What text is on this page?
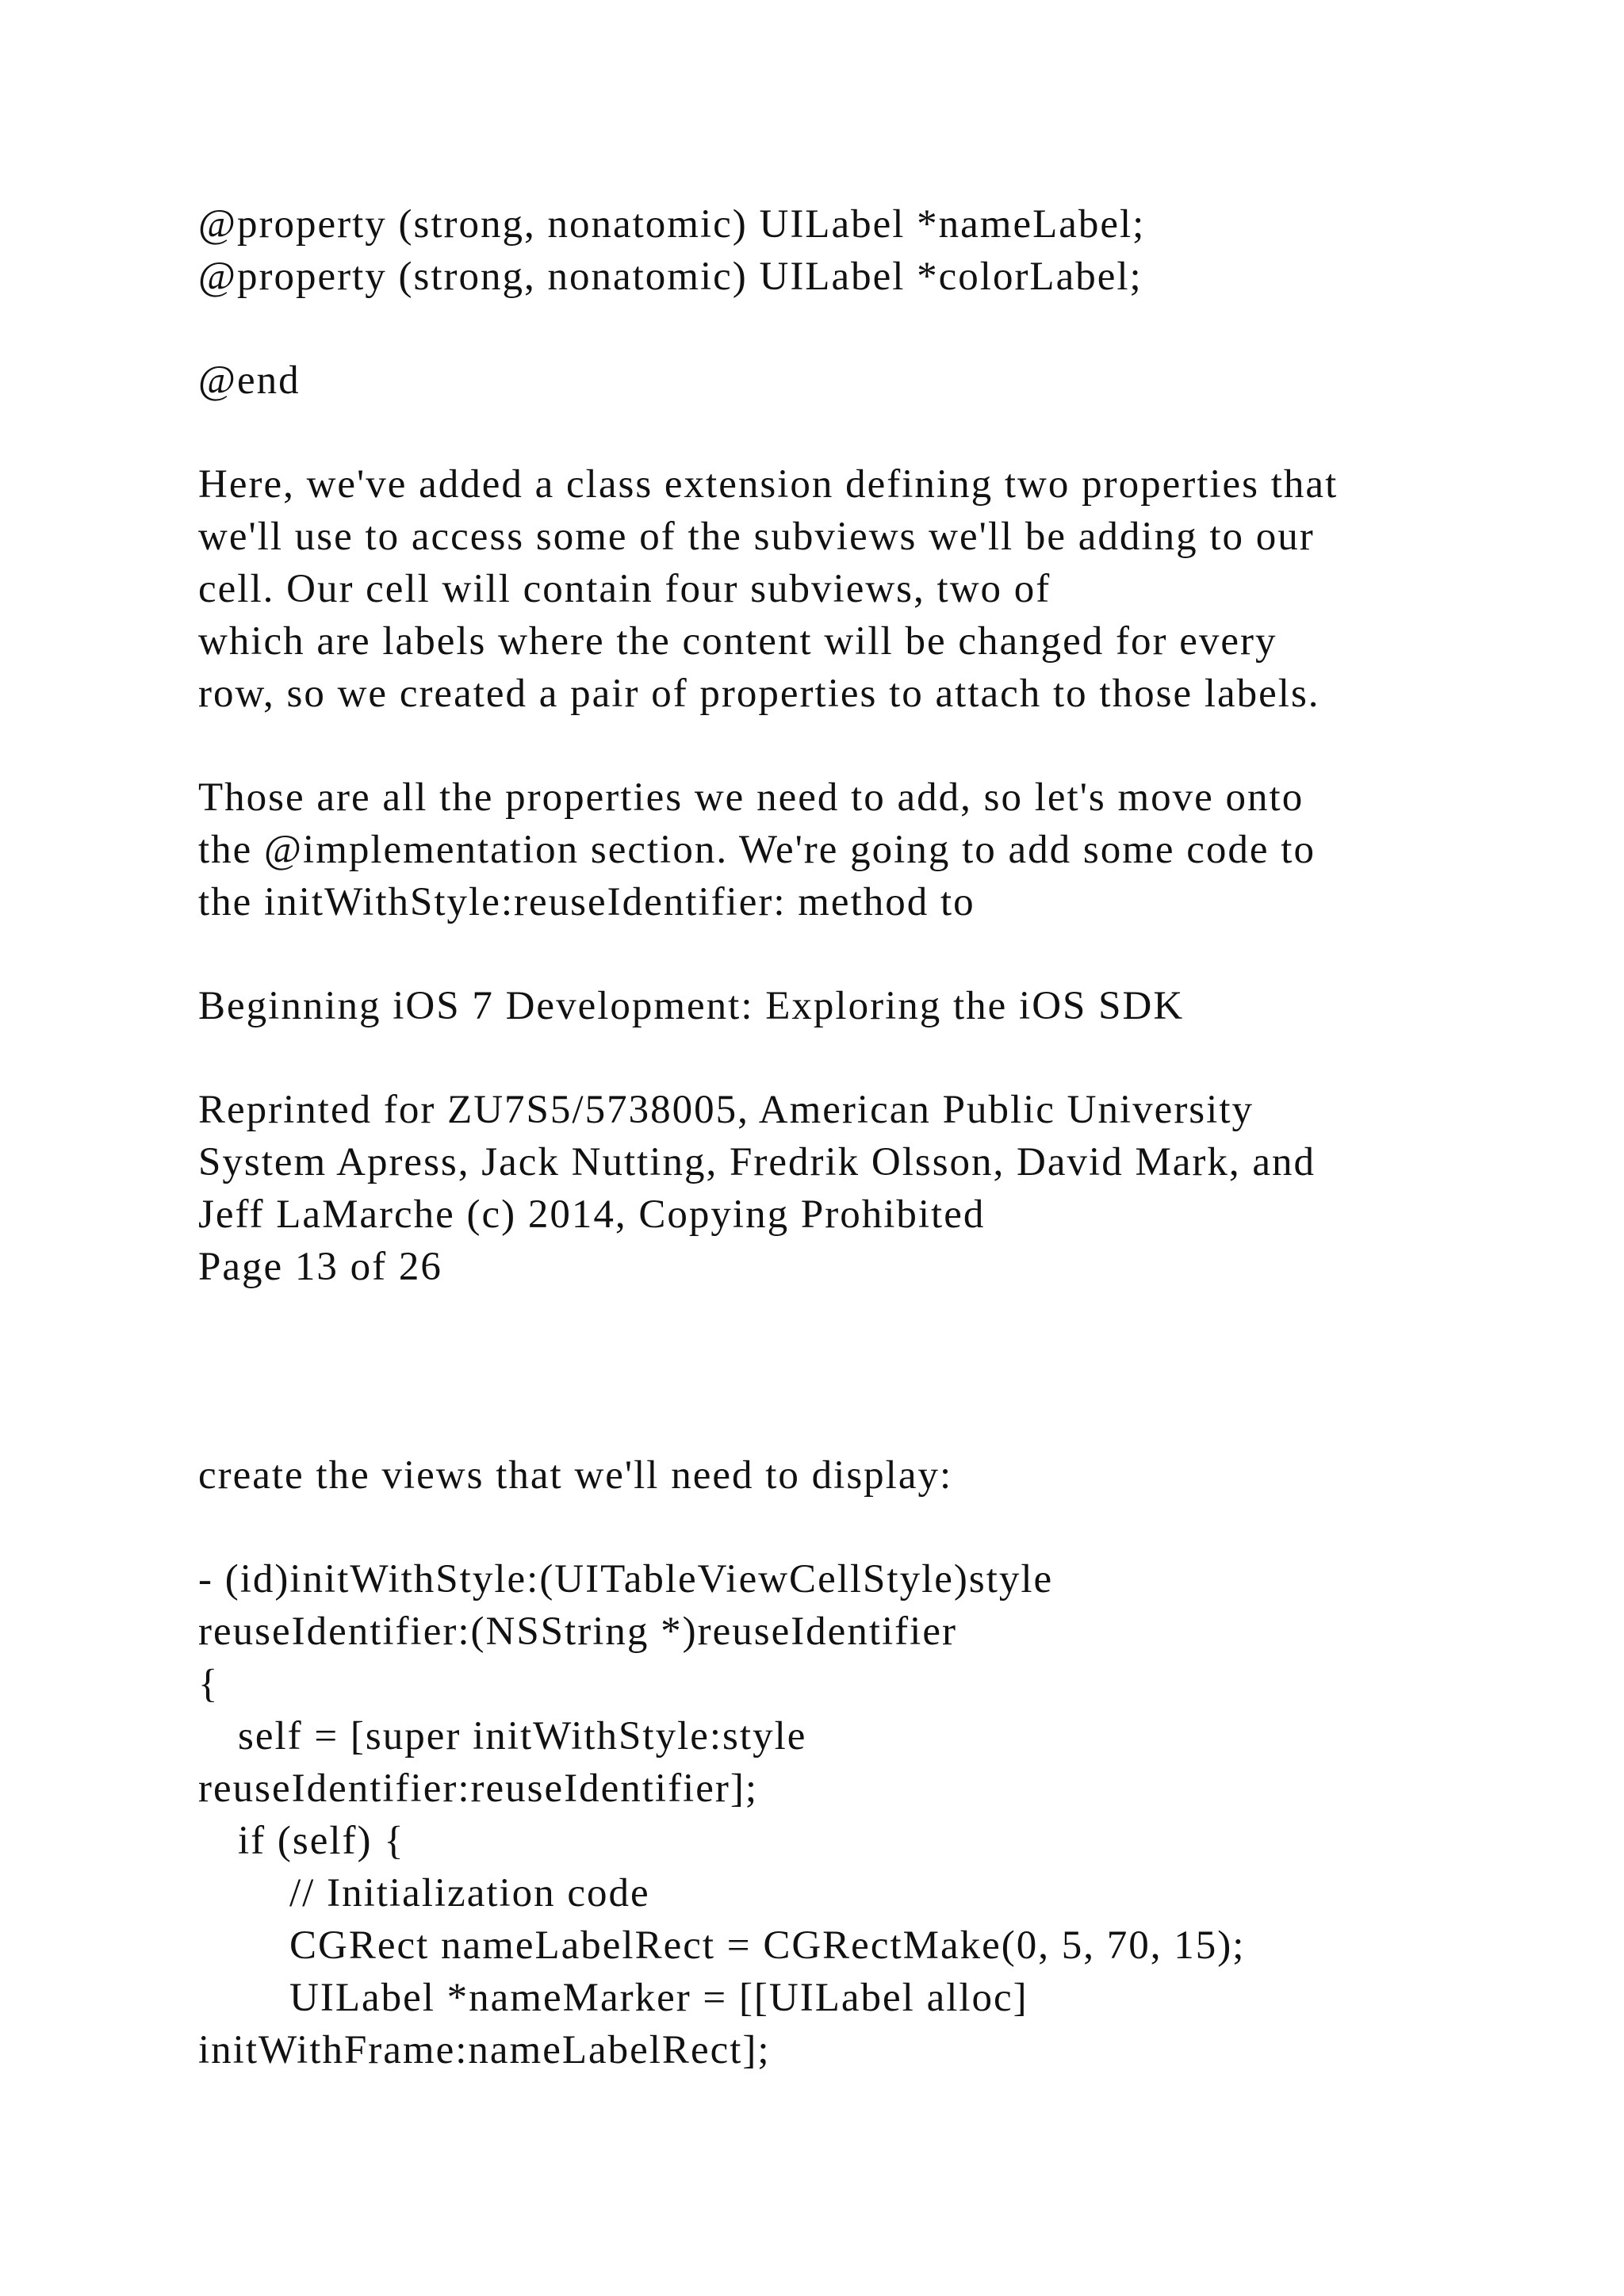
@property (strong, nonatomic) UILabel *nameLabel;

@property (strong, nonatomic) UILabel *colorLabel;

@end

Here, we've added a class extension defining two properties that

we'll use to access some of the subviews we'll be adding to our

cell. Our cell will contain four subviews, two of

which are labels where the content will be changed for every

row, so we created a pair of properties to attach to those labels.

Those are all the properties we need to add, so let's move onto

the @implementation section. We're going to add some code to

the initWithStyle:reuseIdentifier: method to

Beginning iOS 7 Development: Exploring the iOS SDK

Reprinted for ZU7S5/5738005, American Public University

System Apress, Jack Nutting, Fredrik Olsson, David Mark, and

Jeff LaMarche (c) 2014, Copying Prohibited

Page 13 of 26

create the views that we'll need to display:

- (id)initWithStyle:(UITableViewCellStyle)style

reuseIdentifier:(NSString *)reuseIdentifier

{

self = [super initWithStyle:style

reuseIdentifier:reuseIdentifier];

if (self) {

// Initialization code

CGRect nameLabelRect = CGRectMake(0, 5, 70, 15);

UILabel *nameMarker = [[UILabel alloc]

initWithFrame:nameLabelRect];
